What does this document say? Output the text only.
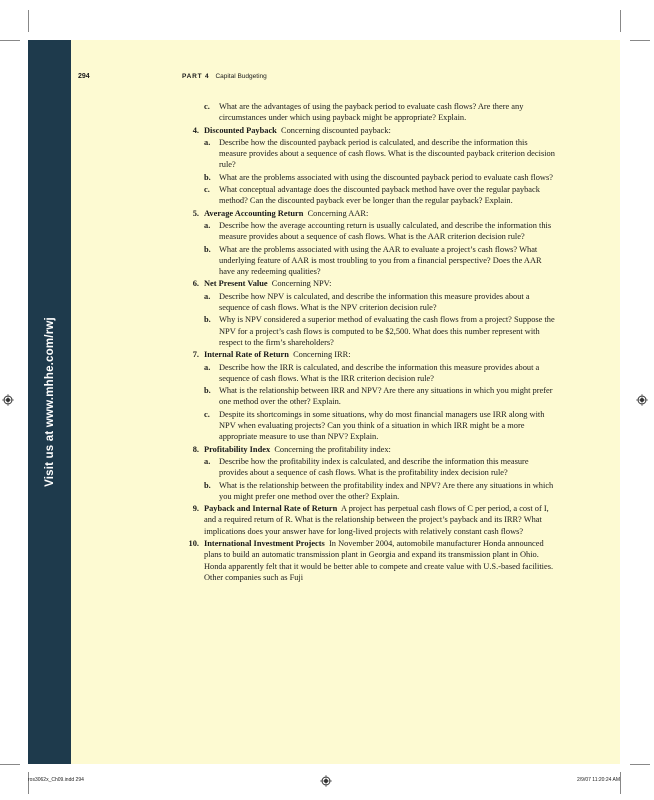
Visit us at www.mhhe.com/rwj
294	PART 4 Capital Budgeting
c. What are the advantages of using the payback period to evaluate cash flows? Are there any circumstances under which using payback might be appropriate? Explain.
4. Discounted Payback Concerning discounted payback:
a. Describe how the discounted payback period is calculated, and describe the information this measure provides about a sequence of cash flows. What is the discounted payback criterion decision rule?
b. What are the problems associated with using the discounted payback period to evaluate cash flows?
c. What conceptual advantage does the discounted payback method have over the regular payback method? Can the discounted payback ever be longer than the regular payback? Explain.
5. Average Accounting Return Concerning AAR:
a. Describe how the average accounting return is usually calculated, and describe the information this measure provides about a sequence of cash flows. What is the AAR criterion decision rule?
b. What are the problems associated with using the AAR to evaluate a project’s cash flows? What underlying feature of AAR is most troubling to you from a financial perspective? Does the AAR have any redeeming qualities?
6. Net Present Value Concerning NPV:
a. Describe how NPV is calculated, and describe the information this measure provides about a sequence of cash flows. What is the NPV criterion decision rule?
b. Why is NPV considered a superior method of evaluating the cash flows from a project? Suppose the NPV for a project’s cash flows is computed to be $2,500. What does this number represent with respect to the firm’s shareholders?
7. Internal Rate of Return Concerning IRR:
a. Describe how the IRR is calculated, and describe the information this measure provides about a sequence of cash flows. What is the IRR criterion decision rule?
b. What is the relationship between IRR and NPV? Are there any situations in which you might prefer one method over the other? Explain.
c. Despite its shortcomings in some situations, why do most financial managers use IRR along with NPV when evaluating projects? Can you think of a situation in which IRR might be a more appropriate measure to use than NPV? Explain.
8. Profitability Index Concerning the profitability index:
a. Describe how the profitability index is calculated, and describe the information this measure provides about a sequence of cash flows. What is the profitability index decision rule?
b. What is the relationship between the profitability index and NPV? Are there any situations in which you might prefer one method over the other? Explain.
9. Payback and Internal Rate of Return A project has perpetual cash flows of C per period, a cost of I, and a required return of R. What is the relationship between the project’s payback and its IRR? What implications does your answer have for long-lived projects with relatively constant cash flows?
10. International Investment Projects In November 2004, automobile manufacturer Honda announced plans to build an automatic transmission plant in Georgia and expand its transmission plant in Ohio. Honda apparently felt that it would be better able to compete and create value with U.S.-based facilities. Other companies such as Fuji
ros3062x_Ch09.indd 294	2/9/07 11:20:24 AM
